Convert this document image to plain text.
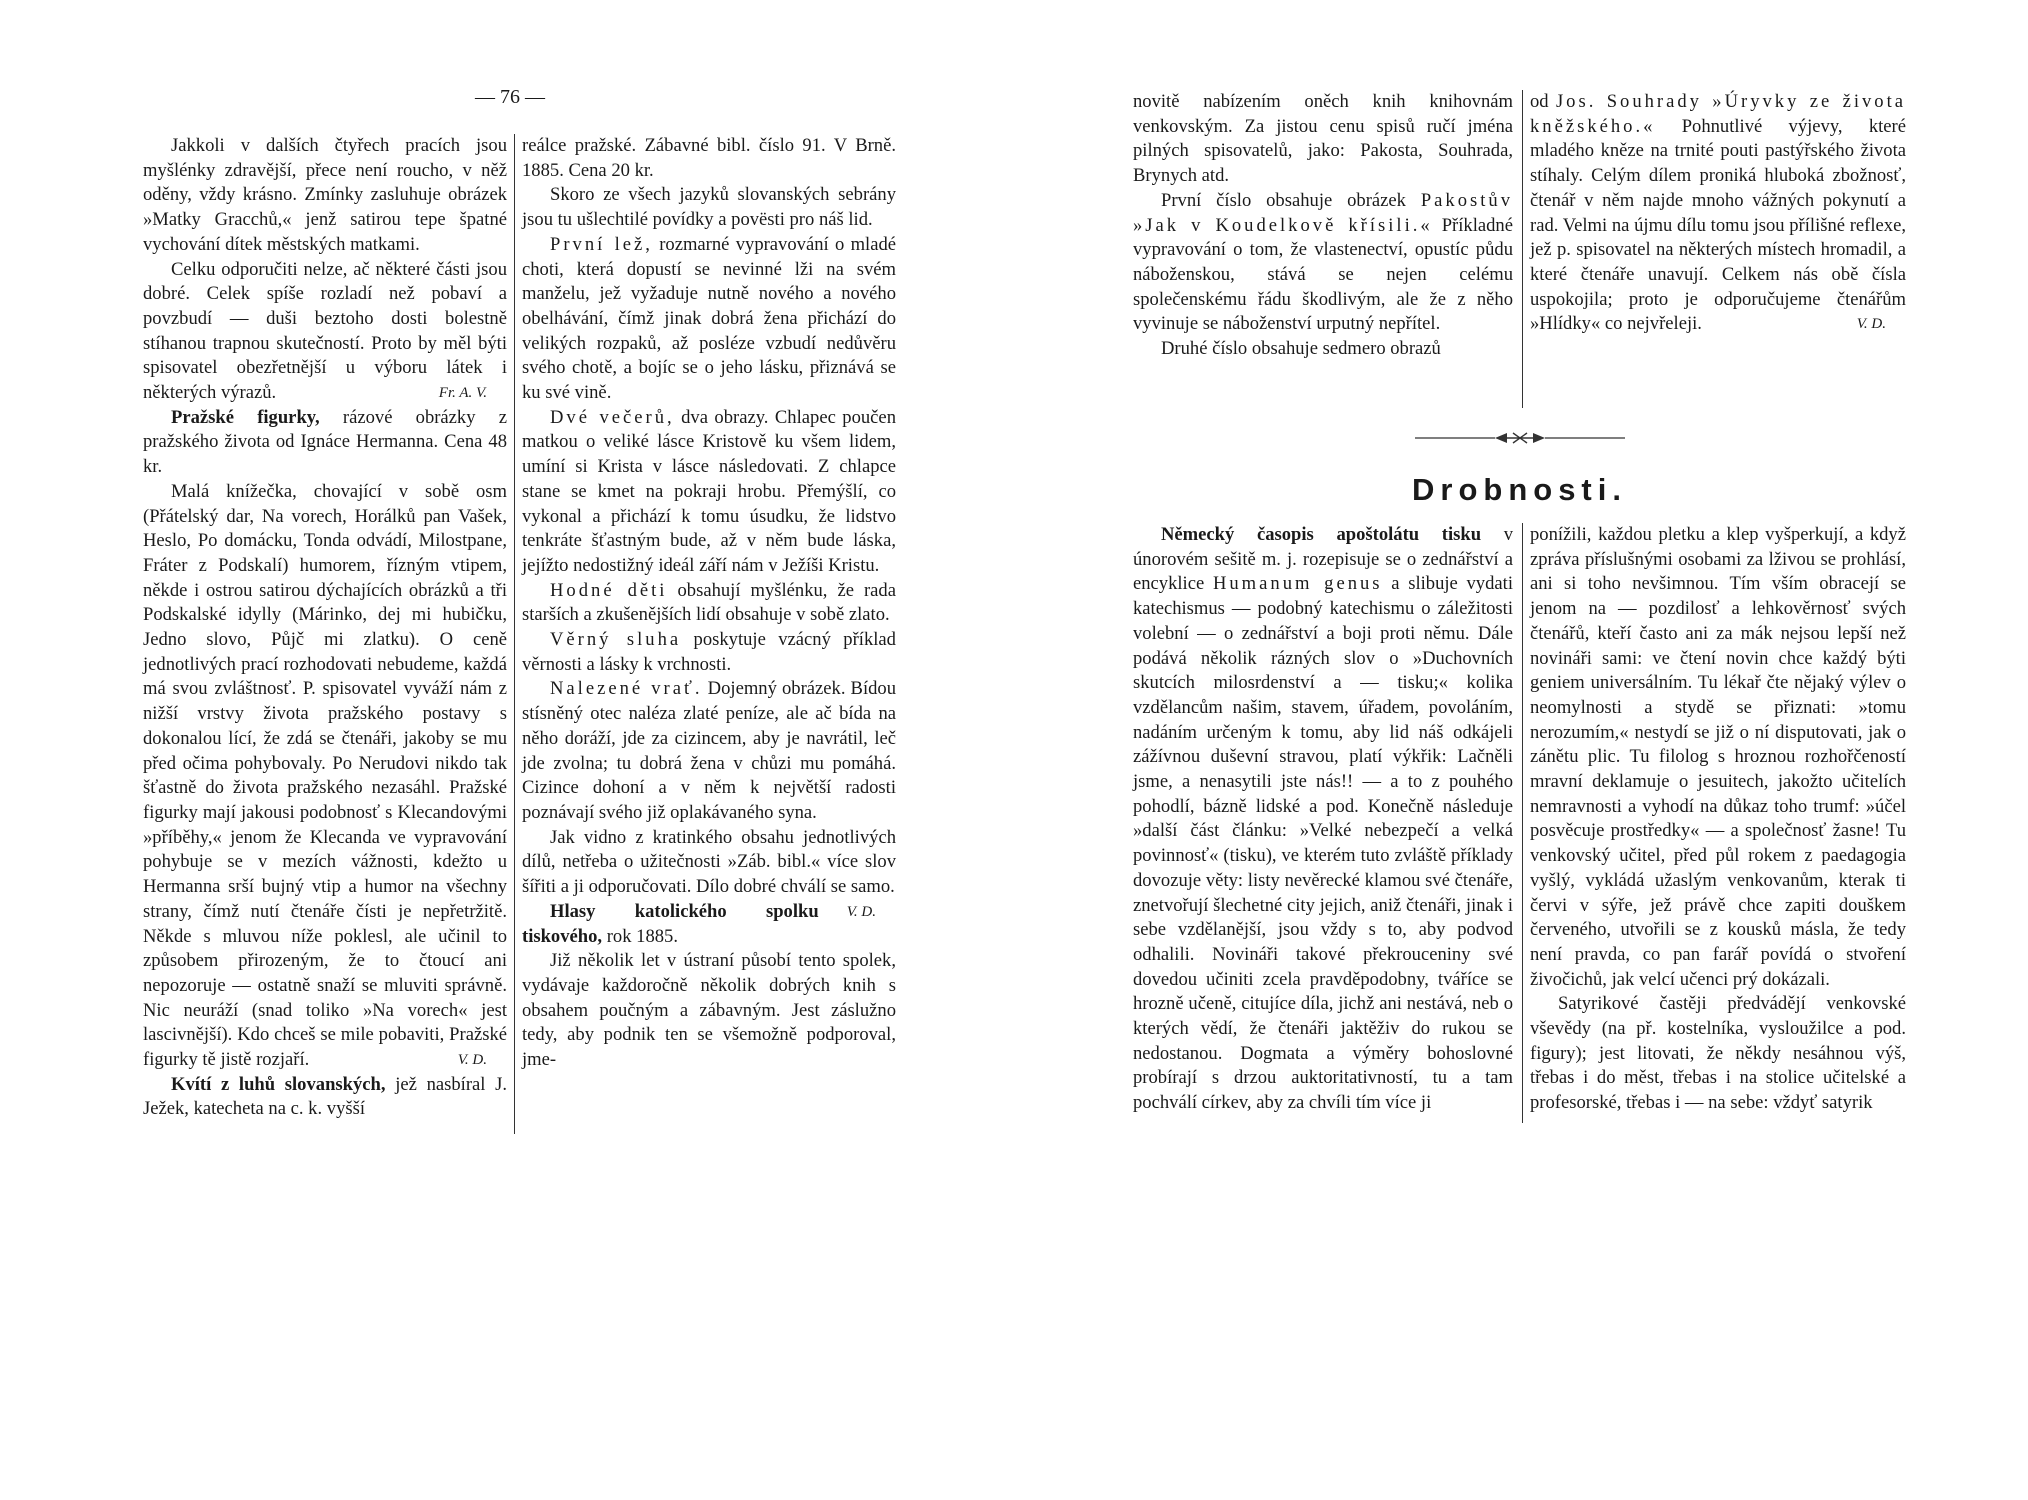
— 76 —

Jakkoli v dalších čtyřech pracích jsou myšlénky zdravější, přece není roucho, v něž oděny, vždy krásno. Zmínky zasluhuje obrázek »Matky Gracchů,« jenž satirou tepe špatné vychování dítek městských matkami.

Celku odporučiti nelze, ač některé části jsou dobré. Celek spíše rozladí než pobaví a povzbudí — duši beztoho dosti bolestně stíhanou trapnou skutečností. Proto by měl býti spisovatel obezřetnější u výboru látek i některých výrazů.	Fr. A. V.

Pražské figurky, rázové obrázky z pražského života od Ignáce Hermanna. Cena 48 kr.

Malá knížečka, chovající v sobě osm (Přátelský dar, Na vorech, Horálků pan Vašek, Heslo, Po domácku, Tonda odvádí, Milostpane, Fráter z Podskalí) humorem, řízným vtipem, někde i ostrou satirou dýchajících obrázků a tři Podskalské idylly (Márinko, dej mi hubičku, Jedno slovo, Půjč mi zlatku). O ceně jednotlivých prací rozhodovati nebudeme, každá má svou zvláštnosť. P. spisovatel vyváží nám z nižší vrstvy života pražského postavy s dokonalou lící, že zdá se čtenáři, jakoby se mu před očima pohybovaly. Po Nerudovi nikdo tak šťastně do života pražského nezasáhl. Pražské figurky mají jakousi podobnosť s Klecandovými »příběhy,« jenom že Klecanda ve vypravování pohybuje se v mezích vážnosti, kdežto u Hermanna srší bujný vtip a humor na všechny strany, čímž nutí čtenáře čísti je nepřetržitě. Někde s mluvou níže poklesl, ale učinil to způsobem přirozeným, že to čtoucí ani nepozoruje — ostatně snaží se mluviti správně. Nic neuráží (snad toliko »Na vorech« jest lascivnější). Kdo chceš se mile pobaviti, Pražské figurky tě jistě rozjaří.	V. D.

Kvítí z luhů slovanských, jež nasbíral J. Ježek, katecheta na c. k. vyšší

reálce pražské. Zábavné bibl. číslo 91. V Brně. 1885. Cena 20 kr.

Skoro ze všech jazyků slovanských sebrány jsou tu ušlechtilé povídky a povësti pro náš lid.

První lež, rozmarné vypravování o mladé choti, která dopustí se nevinné lži na svém manželu, jež vyžaduje nutně nového a nového obelhávání, čímž jinak dobrá žena přichází do velikých rozpaků, až posléze vzbudí nedůvěru svého chotě, a bojíc se o jeho lásku, přiznává se ku své vině.

Dvé večerů, dva obrazy. Chlapec poučen matkou o veliké lásce Kristově ku všem lidem, umíní si Krista v lásce následovati. Z chlapce stane se kmet na pokraji hrobu. Přemýšlí, co vykonal a přichází k tomu úsudku, že lidstvo tenkráte šťastným bude, až v něm bude láska, jejížto nedostižný ideál září nám v Ježíši Kristu.

Hodné děti obsahují myšlénku, že rada starších a zkušenějších lidí obsahuje v sobě zlato.

Věrný sluha poskytuje vzácný příklad věrnosti a lásky k vrchnosti.

Nalezené vrať. Dojemný obrázek. Bídou stísněný otec naléza zlaté peníze, ale ač bída na něho doráží, jde za cizincem, aby je navrátil, leč jde zvolna; tu dobrá žena v chůzi mu pomáhá. Cizince dohoní a v něm k největší radosti poznávají svého již oplakávaného syna.

Jak vidno z kratinkého obsahu jednotlivých dílů, netřeba o užitečnosti »Záb. bibl.« více slov šířiti a ji odporučovati. Dílo dobré chválí se samo.
V. D.

Hlasy katolického spolku tiskového, rok 1885.

Již několik let v ústraní působí tento spolek, vydávaje každoročně několik dobrých knih s obsahem poučným a zábavným. Jest záslužno tedy, aby podnik ten se všemožně podporoval, jme-

novitě nabízením oněch knih knihovnám venkovským. Za jistou cenu spisů ručí jména pilných spisovatelů, jako: Pakosta, Souhrada, Brynych atd.

První číslo obsahuje obrázek Pakostův »Jak v Koudelkově křísili.« Příkladné vypravování o tom, že vlastenectví, opustíc půdu náboženskou, stává se nejen celému společenskému řádu škodlivým, ale že z něho vyvinuje se náboženství urputný nepřítel.

Druhé číslo obsahuje sedmero obrazů

od Jos. Souhrady »Úryvky ze života kněžského.« Pohnutlivé výjevy, které mladého kněze na trnité pouti pastýřského života stíhaly. Celým dílem proniká hluboká zbožnosť, čtenář v něm najde mnoho vážných pokynutí a rad. Velmi na újmu dílu tomu jsou přílišné reflexe, jež p. spisovatel na některých místech hromadil, a které čtenáře unavují. Celkem nás obě čísla uspokojila; proto je odporučujeme čtenářům »Hlídky« co nejvřeleji.	V. D.

Drobnosti.

Německý časopis apoštolátu tisku v únorovém sešitě m. j. rozepisuje se o zednářství a encyklice Humanum genus a slibuje vydati katechismus — podobný katechismu o záležitosti volební — o zednářství a boji proti němu. Dále podává několik rázných slov o »Duchovních skutcích milosrdenství a — tisku;« kolika vzdělancům našim, stavem, úřadem, povoláním, nadáním určeným k tomu, aby lid náš odkájeli zážívnou duševní stravou, platí výkřik: Lačněli jsme, a nenasytili jste nás!! — a to z pouhého pohodlí, bázně lidské a pod. Konečně následuje »další část článku: »Velké nebezpečí a velká povinnosť« (tisku), ve kterém tuto zvláště příklady dovozuje věty: listy nevěrecké klamou své čtenáře, znetvořují šlechetné city jejich, aniž čtenáři, jinak i sebe vzdělanější, jsou vždy s to, aby podvod odhalili. Novináři takové překrouceniny své dovedou učiniti zcela pravděpodobny, tváříce se hrozně učeně, citujíce díla, jichž ani nestává, neb o kterých vědí, že čtenáři jaktěživ do rukou se nedostanou. Dogmata a výměry bohoslovné probírají s drzou auktoritativností, tu a tam pochválí církev, aby za chvíli tím více ji

ponížili, každou pletku a klep vyšperkují, a když zpráva příslušnými osobami za lživou se prohlásí, ani si toho nevšimnou. Tím vším obracejí se jenom na — pozdilosť a lehkověrnosť svých čtenářů, kteří často ani za mák nejsou lepší než novináři sami: ve čtení novin chce každý býti geniem universálním. Tu lékař čte nějaký výlev o neomylnosti a stydě se přiznati: »tomu nerozumím,« nestydí se již o ní disputovati, jak o zánětu plic. Tu filolog s hroznou rozhořčeností mravní deklamuje o jesuitech, jakožto učitelích nemravnosti a vyhodí na důkaz toho trumf: »účel posvěcuje prostředky« — a společnosť žasne! Tu venkovský učitel, před půl rokem z paedagogia vyšlý, vykládá užaslým venkovanům, kterak ti červi v sýře, jež právě chce zapiti douškem červeného, utvořili se z kousků másla, že tedy není pravda, co pan farář povídá o stvoření živočichů, jak velcí učenci prý dokázali.

Satyrikové častěji předvádějí venkovské vševědy (na př. kostelníka, vysloužilce a pod. figury); jest litovati, že někdy nesáhnou výš, třebas i do měst, třebas i na stolice učitelské a profesorské, třebas i — na sebe: vždyť satyrik
